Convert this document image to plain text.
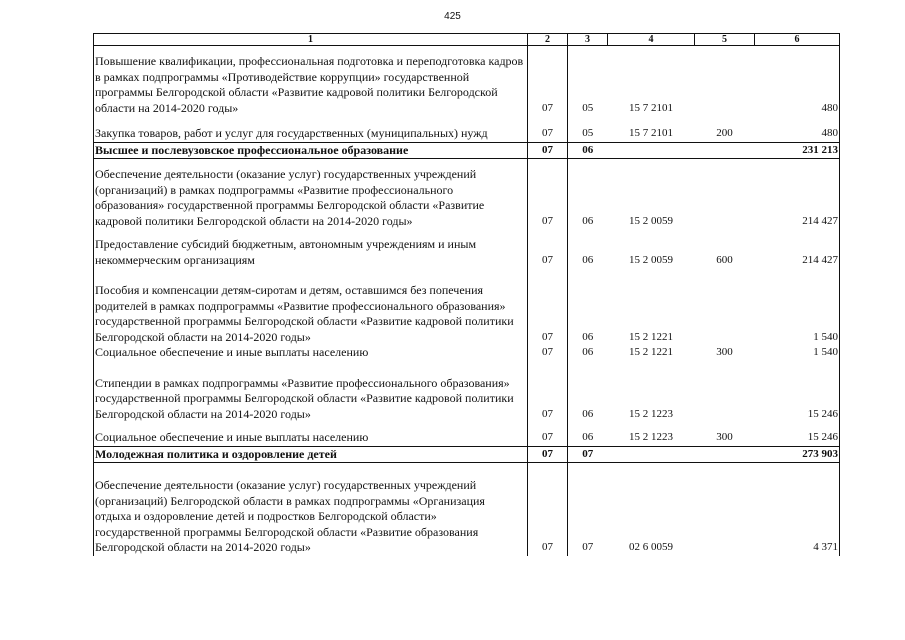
425
1	2	3	4	5	6

Повышение квалификации, профессиональная подготовка и переподготовка кадров в рамках подпрограммы «Противодействие коррупции» государственной программы Белгородской области «Развитие кадровой политики Белгородской области на 2014-2020 годы»	07	05	15 7 2101		480

Закупка товаров, работ и услуг для государственных (муниципальных) нужд	07	05	15 7 2101	200	480
Высшее и послевузовское профессиональное образование	07	06			231 213

Обеспечение деятельности (оказание услуг) государственных учреждений (организаций) в рамках подпрограммы «Развитие профессионального образования» государственной программы Белгородской области «Развитие кадровой политики Белгородской области на 2014-2020 годы»	07	06	15 2 0059		214 427

Предоставление субсидий бюджетным, автономным учреждениям и иным некоммерческим организациям	07	06	15 2 0059	600	214 427

Пособия и компенсации детям-сиротам и детям, оставшимся без попечения родителей в рамках подпрограммы «Развитие профессионального образования» государственной программы Белгородской области «Развитие кадровой политики Белгородской области на 2014-2020 годы»	07	06	15 2 1221		1 540
Социальное обеспечение и иные выплаты населению	07	06	15 2 1221	300	1 540

Стипендии в рамках подпрограммы «Развитие профессионального образования» государственной программы Белгородской области «Развитие кадровой политики Белгородской области на 2014-2020 годы»	07	06	15 2 1223		15 246

Социальное обеспечение и иные выплаты населению	07	06	15 2 1223	300	15 246
Молодежная политика и оздоровление детей	07	07			273 903

Обеспечение деятельности (оказание услуг) государственных учреждений (организаций) Белгородской области в рамках подпрограммы «Организация отдыха и оздоровление детей и подростков Белгородской области» государственной программы Белгородской области «Развитие образования Белгородской области на 2014-2020 годы»	07	07	02 6 0059		4 371
